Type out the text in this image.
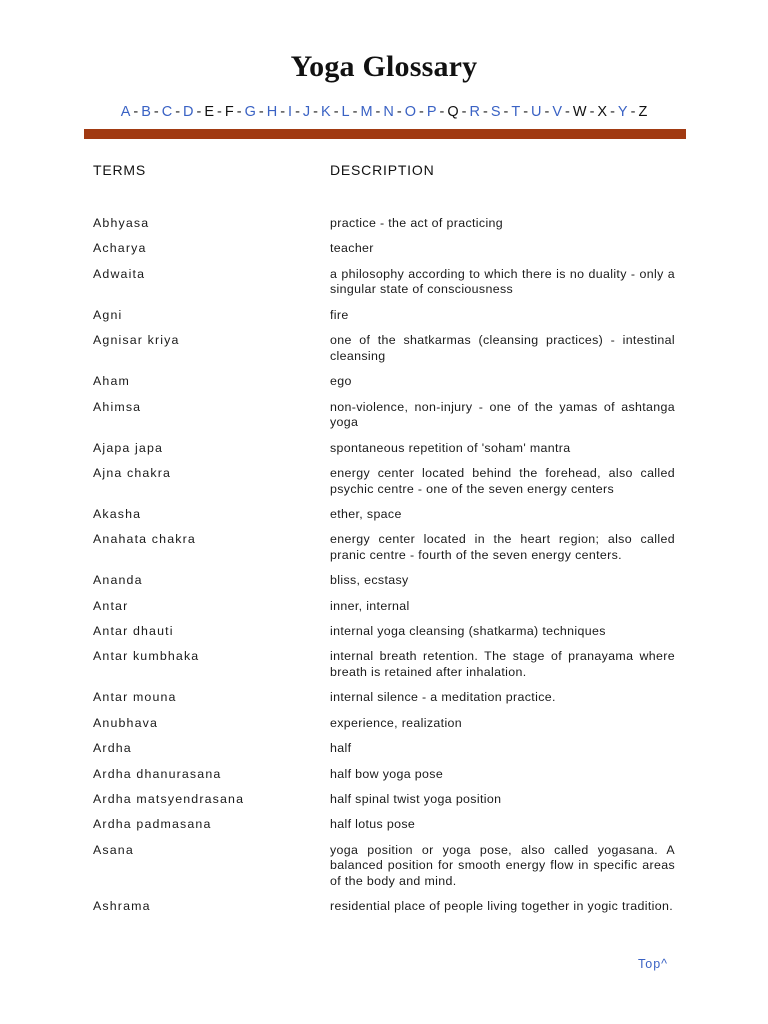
Yoga Glossary
A - B - C - D - E - F - G - H - I - J - K - L - M - N - O - P - Q - R - S - T - U - V - W - X - Y - Z
TERMS	DESCRIPTION
Abhyasa	practice - the act of practicing
Acharya	teacher
Adwaita	a philosophy according to which there is no duality - only a singular state of consciousness
Agni	fire
Agnisar kriya	one of the shatkarmas (cleansing practices) - intestinal cleansing
Aham	ego
Ahimsa	non-violence, non-injury - one of the yamas of ashtanga yoga
Ajapa japa	spontaneous repetition of 'soham' mantra
Ajna chakra	energy center located behind the forehead, also called psychic centre - one of the seven energy centers
Akasha	ether, space
Anahata chakra	energy center located in the heart region; also called pranic centre - fourth of the seven energy centers.
Ananda	bliss, ecstasy
Antar	inner, internal
Antar dhauti	internal yoga cleansing (shatkarma) techniques
Antar kumbhaka	internal breath retention. The stage of pranayama where breath is retained after inhalation.
Antar mouna	internal silence - a meditation practice.
Anubhava	experience, realization
Ardha	half
Ardha dhanurasana	half bow yoga pose
Ardha matsyendrasana	half spinal twist yoga position
Ardha padmasana	half lotus pose
Asana	yoga position or yoga pose, also called yogasana. A balanced position for smooth energy flow in specific areas of the body and mind.
Ashrama	residential place of people living together in yogic tradition.
Top^
